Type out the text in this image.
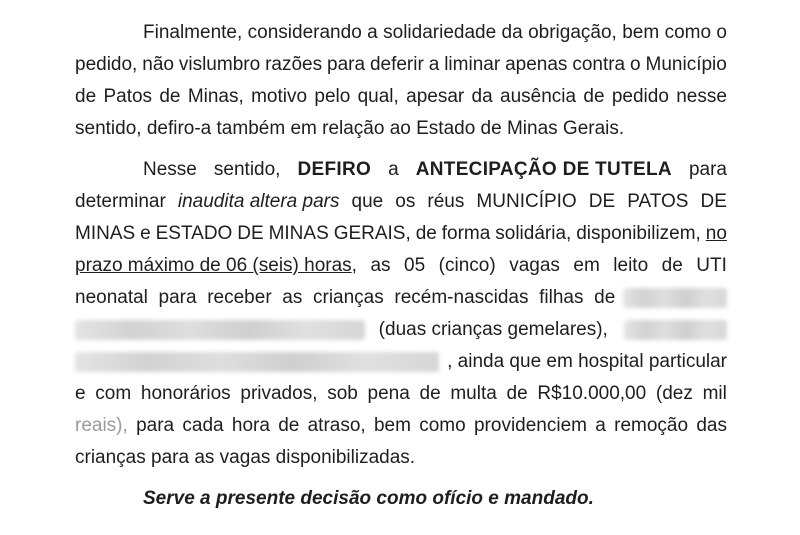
Finalmente, considerando a solidariedade da obrigação, bem como o
pedido, não vislumbro razões para deferir a liminar apenas contra o Município
de Patos de Minas, motivo pelo qual, apesar da ausência de pedido nesse
sentido, defiro-a também em relação ao Estado de Minas Gerais.
Nesse sentido, DEFIRO a ANTECIPAÇÃO DE TUTELA para
determinar inaudita altera pars que os réus MUNICÍPIO DE PATOS DE
MINAS e ESTADO DE MINAS GERAIS, de forma solidária, disponibilizem, no
prazo máximo de 06 (seis) horas, as 05 (cinco) vagas em leito de UTI
neonatal para receber as crianças recém-nascidas filhas de
(duas crianças gemelares),
, ainda que em hospital particular
e com honorários privados, sob pena de multa de R$10.000,00 (dez mil
reais), para cada hora de atraso, bem como providenciem a remoção das
crianças para as vagas disponibilizadas.
Serve a presente decisão como ofício e mandado.
